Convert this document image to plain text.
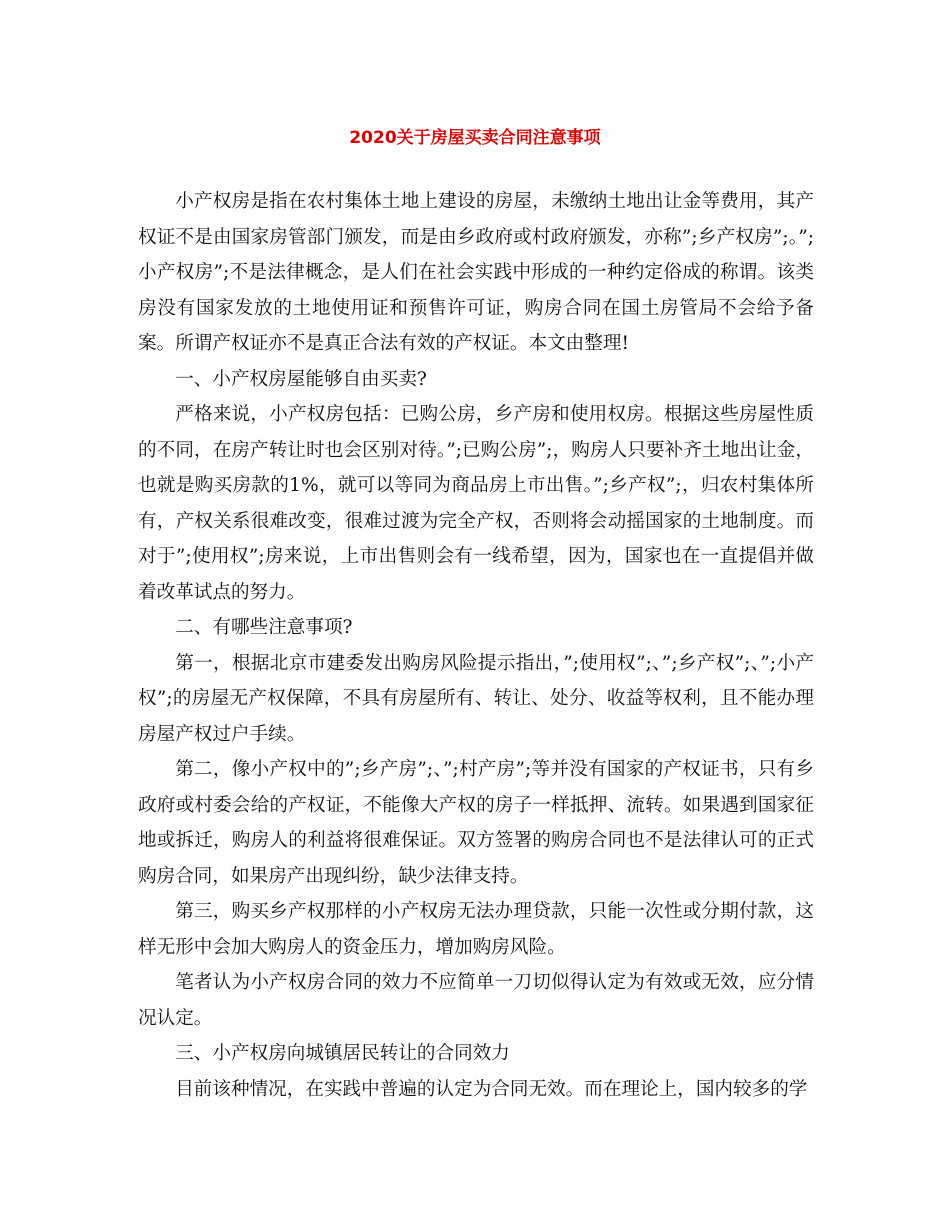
2020关于房屋买卖合同注意事项

小产权房是指在农村集体土地上建设的房屋，未缴纳土地出让金等费用，其产权证不是由国家房管部门颁发，而是由乡政府或村政府颁发，亦称”;乡产权房”;。”;小产权房”;不是法律概念，是人们在社会实践中形成的一种约定俗成的称谓。该类房没有国家发放的土地使用证和预售许可证，购房合同在国土房管局不会给予备案。所谓产权证亦不是真正合法有效的产权证。本文由整理!

一、小产权房屋能够自由买卖?

严格来说，小产权房包括：已购公房，乡产房和使用权房。根据这些房屋性质的不同，在房产转让时也会区别对待。”;已购公房”;，购房人只要补齐土地出让金，也就是购买房款的1%，就可以等同为商品房上市出售。”;乡产权”;，归农村集体所有，产权关系很难改变，很难过渡为完全产权，否则将会动摇国家的土地制度。而对于”;使用权”;房来说，上市出售则会有一线希望，因为，国家也在一直提倡并做着改革试点的努力。

二、有哪些注意事项?

第一，根据北京市建委发出购房风险提示指出，”;使用权”;、”;乡产权”;、”;小产权”;的房屋无产权保障，不具有房屋所有、转让、处分、收益等权利，且不能办理房屋产权过户手续。

第二，像小产权中的”;乡产房”;、”;村产房”;等并没有国家的产权证书，只有乡政府或村委会给的产权证，不能像大产权的房子一样抵押、流转。如果遇到国家征地或拆迁，购房人的利益将很难保证。双方签署的购房合同也不是法律认可的正式购房合同，如果房产出现纠纷，缺少法律支持。

第三，购买乡产权那样的小产权房无法办理贷款，只能一次性或分期付款，这样无形中会加大购房人的资金压力，增加购房风险。

笔者认为小产权房合同的效力不应简单一刀切似得认定为有效或无效，应分情况认定。

三、小产权房向城镇居民转让的合同效力

目前该种情况，在实践中普遍的认定为合同无效。而在理论上，国内较多的学
